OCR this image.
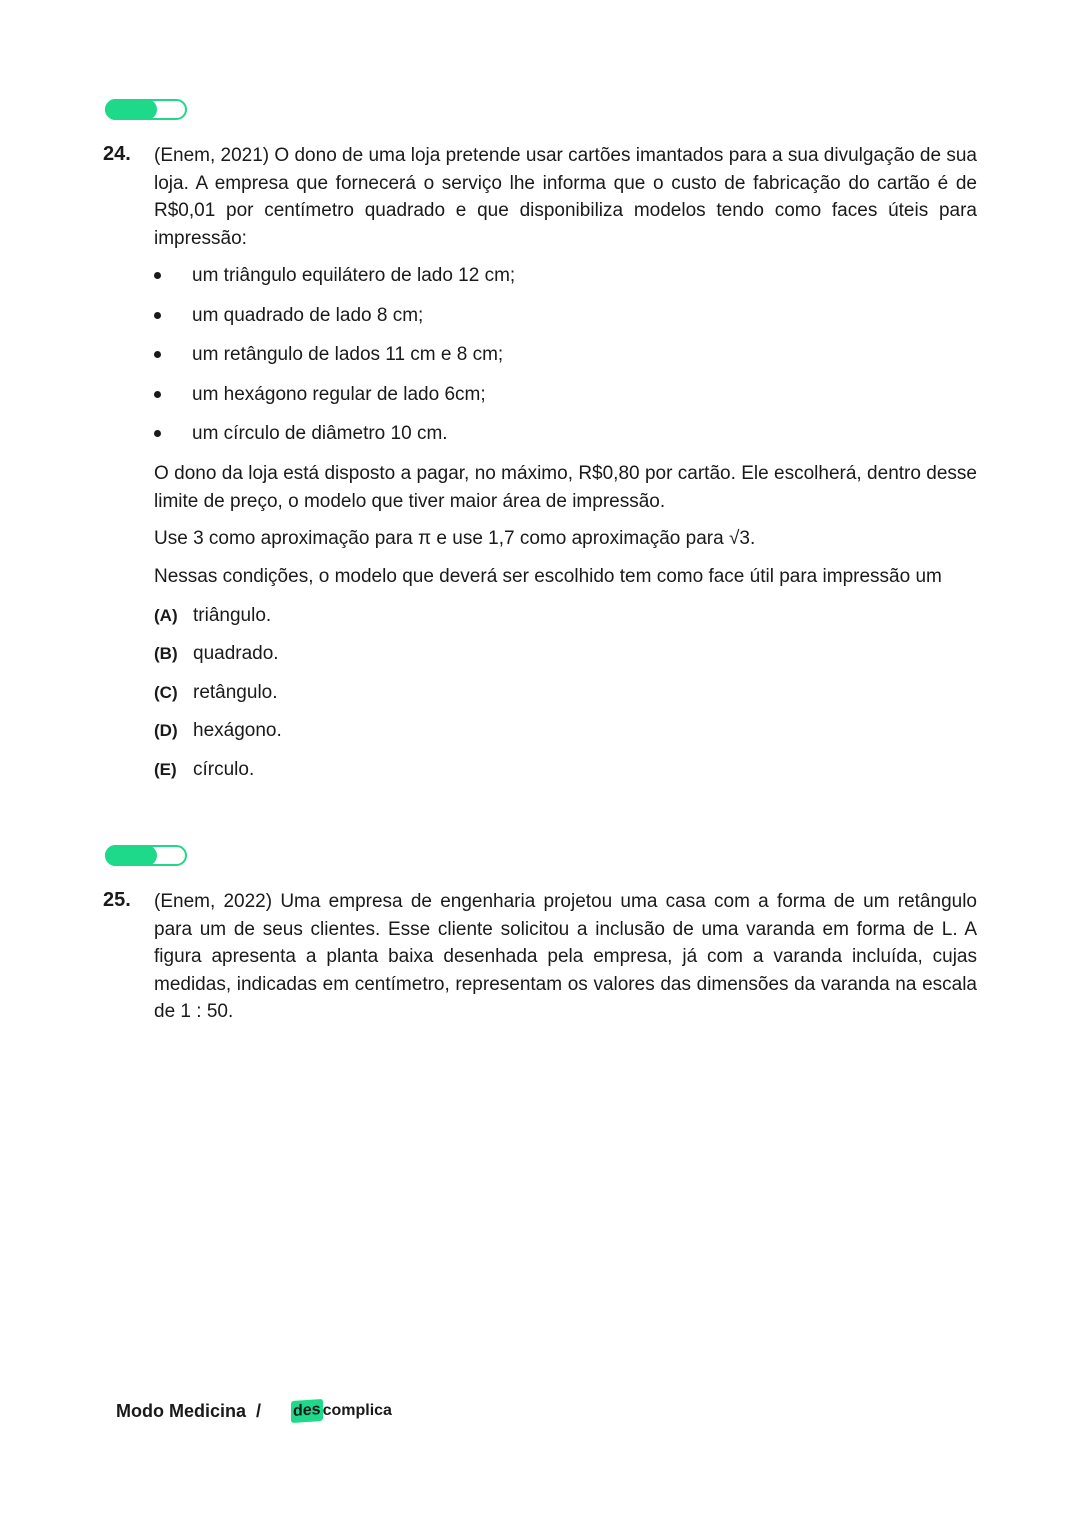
24. (Enem, 2021) O dono de uma loja pretende usar cartões imantados para a sua divulgação de sua loja. A empresa que fornecerá o serviço lhe informa que o custo de fabricação do cartão é de R$0,01 por centímetro quadrado e que disponibiliza modelos tendo como faces úteis para impressão:
um triângulo equilátero de lado 12 cm;
um quadrado de lado 8 cm;
um retângulo de lados 11 cm e 8 cm;
um hexágono regular de lado 6cm;
um círculo de diâmetro 10 cm.
O dono da loja está disposto a pagar, no máximo, R$0,80 por cartão. Ele escolherá, dentro desse limite de preço, o modelo que tiver maior área de impressão.
Use 3 como aproximação para π e use 1,7 como aproximação para √3.
Nessas condições, o modelo que deverá ser escolhido tem como face útil para impressão um
(A) triângulo.
(B) quadrado.
(C) retângulo.
(D) hexágono.
(E) círculo.
25. (Enem, 2022) Uma empresa de engenharia projetou uma casa com a forma de um retângulo para um de seus clientes. Esse cliente solicitou a inclusão de uma varanda em forma de L. A figura apresenta a planta baixa desenhada pela empresa, já com a varanda incluída, cujas medidas, indicadas em centímetro, representam os valores das dimensões da varanda na escala de 1 : 50.
Modo Medicina / des complica
